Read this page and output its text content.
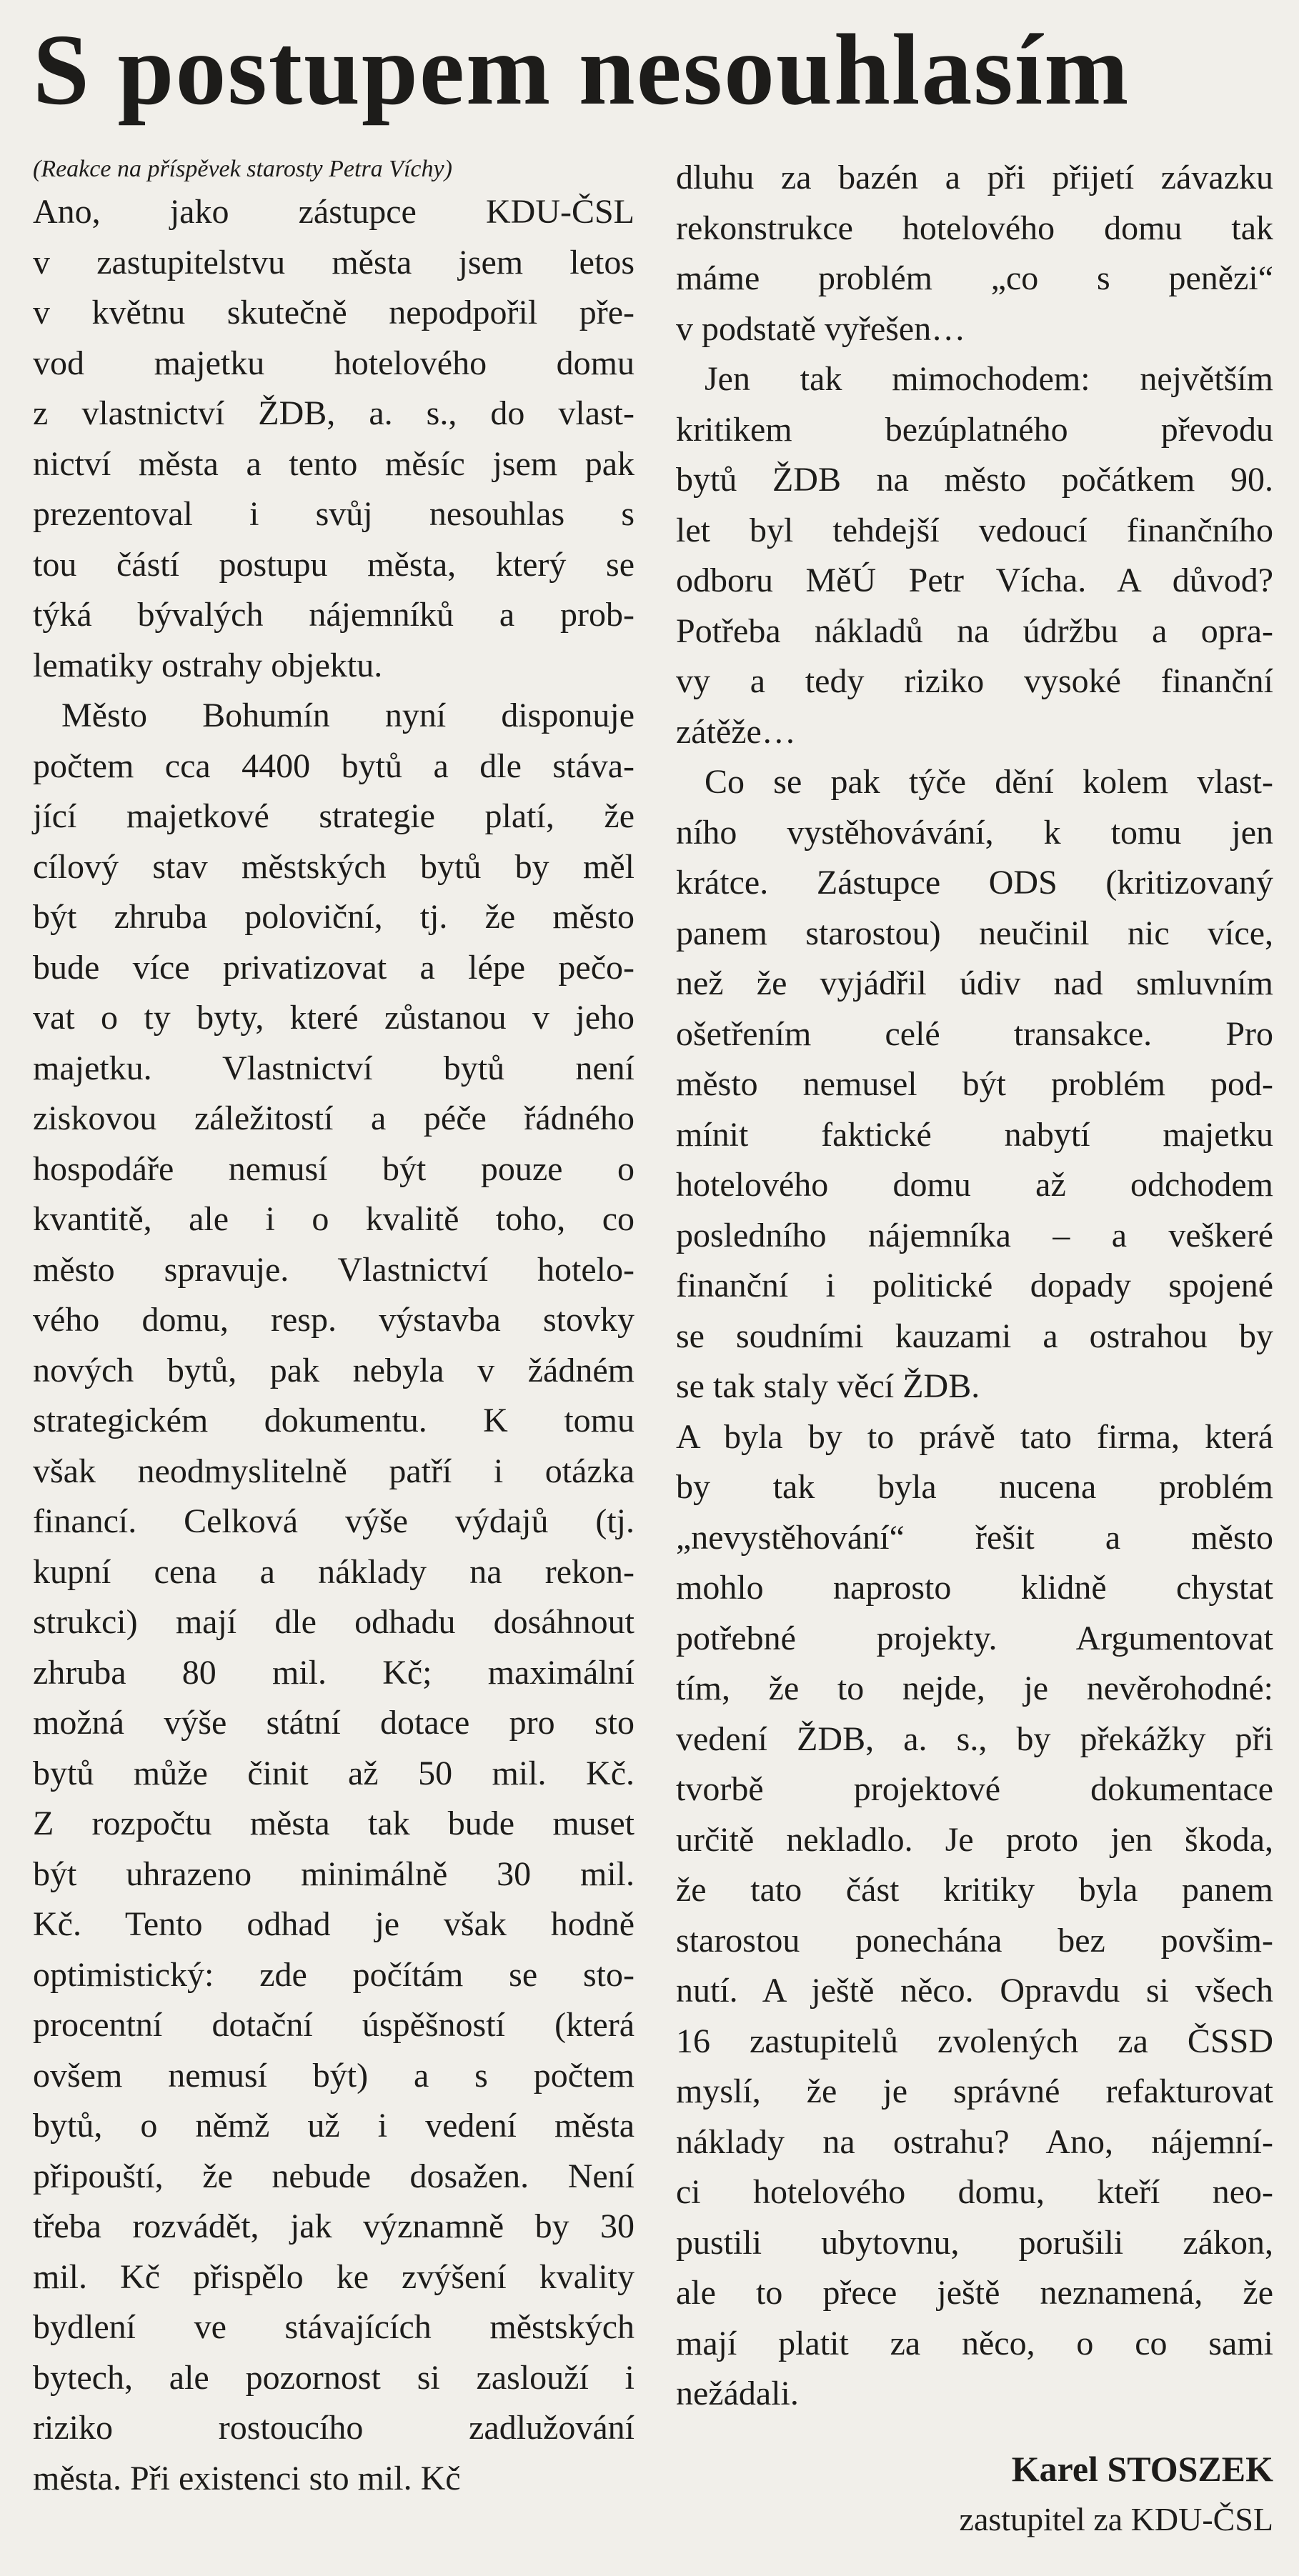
S postupem nesouhlasím
(Reakce na příspěvek starosty Petra Víchy)
Ano, jako zástupce KDU-ČSL
v zastupitelstvu města jsem letos
v květnu skutečně nepodpořil pře-
vod majetku hotelového domu
z vlastnictví ŽDB, a. s., do vlast-
nictví města a tento měsíc jsem pak
prezentoval i svůj nesouhlas s
tou částí postupu města, který se
týká bývalých nájemníků a prob-
lematiky ostrahy objektu.
Město Bohumín nyní disponuje
počtem cca 4400 bytů a dle stáva-
jící majetkové strategie platí, že
cílový stav městských bytů by měl
být zhruba poloviční, tj. že město
bude více privatizovat a lépe pečo-
vat o ty byty, které zůstanou v jeho
majetku. Vlastnictví bytů není
ziskovou záležitostí a péče řádného
hospodáře nemusí být pouze o
kvantitě, ale i o kvalitě toho, co
město spravuje. Vlastnictví hotelo-
vého domu, resp. výstavba stovky
nových bytů, pak nebyla v žádném
strategickém dokumentu. K tomu
však neodmyslitelně patří i otázka
financí. Celková výše výdajů (tj.
kupní cena a náklady na rekon-
strukci) mají dle odhadu dosáhnout
zhruba 80 mil. Kč; maximální
možná výše státní dotace pro sto
bytů může činit až 50 mil. Kč.
Z rozpočtu města tak bude muset
být uhrazeno minimálně 30 mil.
Kč. Tento odhad je však hodně
optimistický: zde počítám se sto-
procentní dotační úspěšností (která
ovšem nemusí být) a s počtem
bytů, o němž už i vedení města
připouští, že nebude dosažen. Není
třeba rozvádět, jak významně by 30
mil. Kč přispělo ke zvýšení kvality
bydlení ve stávajících městských
bytech, ale pozornost si zaslouží i
riziko rostoucího zadlužování
města. Při existenci sto mil. Kč
dluhu za bazén a při přijetí závazku
rekonstrukce hotelového domu tak
máme problém „co s penězi“
v podstatě vyřešen…
Jen tak mimochodem: největším
kritikem bezúplatného převodu
bytů ŽDB na město počátkem 90.
let byl tehdejší vedoucí finančního
odboru MěÚ Petr Vícha. A důvod?
Potřeba nákladů na údržbu a opra-
vy a tedy riziko vysoké finanční
zátěže…
Co se pak týče dění kolem vlast-
ního vystěhovávání, k tomu jen
krátce. Zástupce ODS (kritizovaný
panem starostou) neučinil nic více,
než že vyjádřil údiv nad smluvním
ošetřením celé transakce. Pro
město nemusel být problém pod-
mínit faktické nabytí majetku
hotelového domu až odchodem
posledního nájemníka – a veškeré
finanční i politické dopady spojené
se soudními kauzami a ostrahou by
se tak staly věcí ŽDB.
A byla by to právě tato firma, která
by tak byla nucena problém
„nevystěhování“ řešit a město
mohlo naprosto klidně chystat
potřebné projekty. Argumentovat
tím, že to nejde, je nevěrohodné:
vedení ŽDB, a. s., by překážky při
tvorbě projektové dokumentace
určitě nekladlo. Je proto jen škoda,
že tato část kritiky byla panem
starostou ponechána bez povšim-
nutí. A ještě něco. Opravdu si všech
16 zastupitelů zvolených za ČSSD
myslí, že je správné refakturovat
náklady na ostrahu? Ano, nájemní-
ci hotelového domu, kteří neo-
pustili ubytovnu, porušili zákon,
ale to přece ještě neznamená, že
mají platit za něco, o co sami
nežádali.
Karel STOSZEK
zastupitel za KDU-ČSL
